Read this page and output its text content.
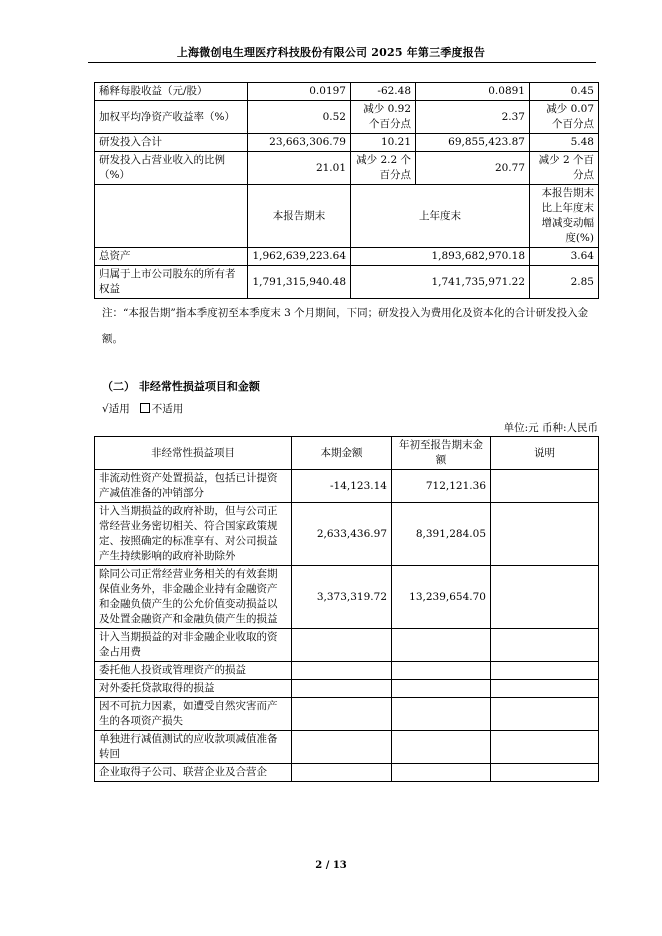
上海微创电生理医疗科技股份有限公司 2025 年第三季度报告
稀释每股收益（元/股）	0.0197	-62.48	0.0891	0.45
加权平均净资产收益率（%）	0.52	减少 0.92 个百分点	2.37	减少 0.07 个百分点
研发投入合计	23,663,306.79	10.21	69,855,423.87	5.48
研发投入占营业收入的比例（%）	21.01	减少 2.2 个百分点	20.77	减少 2 个百分点
	本报告期末	上年度末		本报告期末比上年度末增减变动幅度(%)
总资产	1,962,639,223.64	1,893,682,970.18		3.64
归属于上市公司股东的所有者权益	1,791,315,940.48	1,741,735,971.22		2.85
注：“本报告期”指本季度初至本季度末 3 个月期间，下同；研发投入为费用化及资本化的合计研发投入金额。
（二） 非经常性损益项目和金额
√适用 不适用
单位:元 币种:人民币
非经常性损益项目	本期金额	年初至报告期末金额	说明
非流动性资产处置损益，包括已计提资产减值准备的冲销部分	-14,123.14	712,121.36	
计入当期损益的政府补助，但与公司正常经营业务密切相关、符合国家政策规定、按照确定的标准享有、对公司损益产生持续影响的政府补助除外	2,633,436.97	8,391,284.05	
除同公司正常经营业务相关的有效套期保值业务外，非金融企业持有金融资产和金融负债产生的公允价值变动损益以及处置金融资产和金融负债产生的损益	3,373,319.72	13,239,654.70	
计入当期损益的对非金融企业收取的资金占用费			
委托他人投资或管理资产的损益			
对外委托贷款取得的损益			
因不可抗力因素，如遭受自然灾害而产生的各项资产损失			
单独进行减值测试的应收款项减值准备转回			
企业取得子公司、联营企业及合营企			
2 / 13
